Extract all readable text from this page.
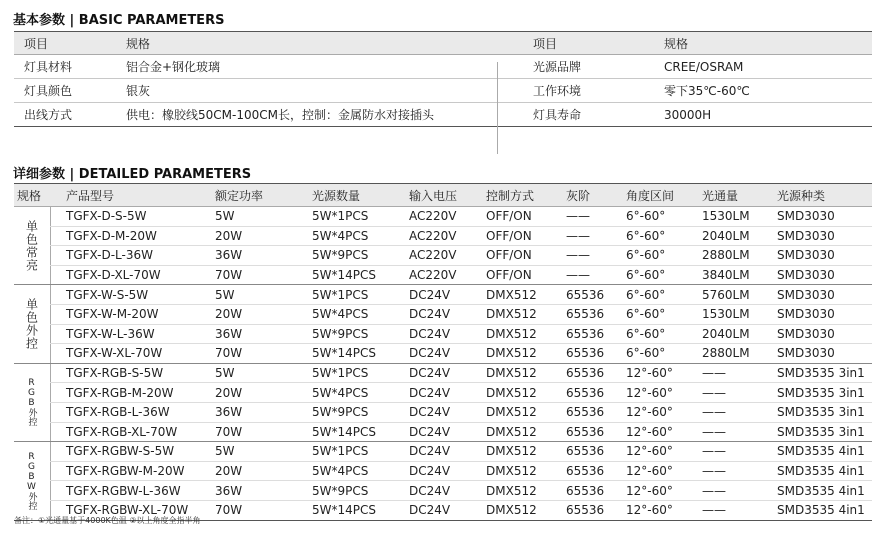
基本参数 | BASIC PARAMETERS
项目	规格	项目	规格
灯具材料	铝合金+钢化玻璃	光源品牌	CREE/OSRAM
灯具颜色	银灰	工作环境	零下35℃-60℃
出线方式	供电：橡胶线50CM-100CM长，控制：金属防水对接插头	灯具寿命	30000H
详细参数 | DETAILED PARAMETERS
规格 产品型号	额定功率	光源数量	输入电压 控制方式	灰阶	角度区间 光通量	光源种类
单色常亮
TGFX-D-S-5W	5W	5W*1PCS	AC220V OFF/ON	——	6°-60°	1530LM SMD3030
TGFX-D-M-20W	20W	5W*4PCS	AC220V OFF/ON	——	6°-60°	2040LM SMD3030
TGFX-D-L-36W	36W	5W*9PCS	AC220V OFF/ON	——	6°-60°	2880LM SMD3030
TGFX-D-XL-70W	70W	5W*14PCS	AC220V OFF/ON	——	6°-60°	3840LM SMD3030
单色外控
TGFX-W-S-5W	5W	5W*1PCS	DC24V	DMX512 65536 6°-60°	5760LM SMD3030
TGFX-W-M-20W	20W	5W*4PCS	DC24V	DMX512 65536 6°-60°	1530LM SMD3030
TGFX-W-L-36W	36W	5W*9PCS	DC24V	DMX512 65536 6°-60°	2040LM SMD3030
TGFX-W-XL-70W	70W	5W*14PCS	DC24V	DMX512 65536 6°-60°	2880LM SMD3030
RGB外控
TGFX-RGB-S-5W	5W	5W*1PCS	DC24V	DMX512 65536 12°-60° ——	SMD3535 3in1
TGFX-RGB-M-20W	20W	5W*4PCS	DC24V	DMX512 65536 12°-60° ——	SMD3535 3in1
TGFX-RGB-L-36W	36W	5W*9PCS	DC24V	DMX512 65536 12°-60° ——	SMD3535 3in1
TGFX-RGB-XL-70W	70W	5W*14PCS	DC24V	DMX512 65536 12°-60° ——	SMD3535 3in1
RGBW外控
TGFX-RGBW-S-5W	5W	5W*1PCS	DC24V	DMX512 65536 12°-60° ——	SMD3535 4in1
TGFX-RGBW-M-20W	20W	5W*4PCS	DC24V	DMX512 65536 12°-60° ——	SMD3535 4in1
TGFX-RGBW-L-36W	36W	5W*9PCS	DC24V	DMX512 65536 12°-60° ——	SMD3535 4in1
TGFX-RGBW-XL-70W 70W	5W*14PCS	DC24V	DMX512 65536 12°-60° ——	SMD3535 4in1
备注：①光通量基于4000K色温 ②以上角度全指半角
